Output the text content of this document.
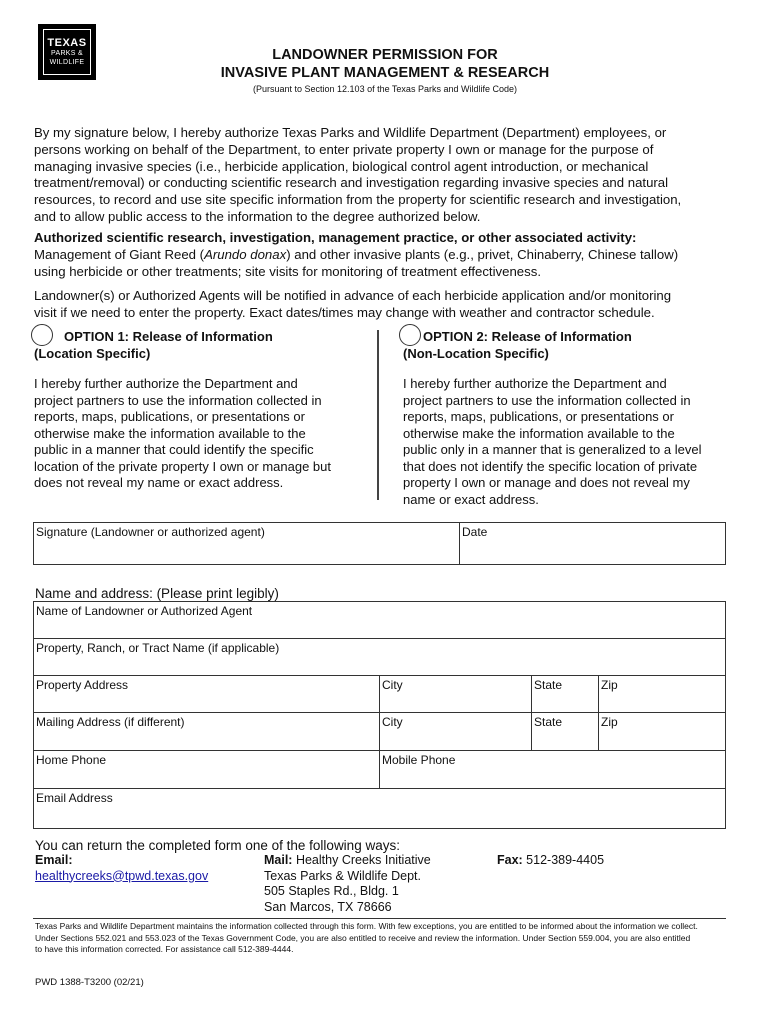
TEXAS
PARKS &
WILDLIFE	LANDOWNER PERMISSION FOR
INVASIVE PLANT MANAGEMENT & RESEARCH
(Pursuant to Section 12.103 of the Texas Parks and Wildlife Code)
By my signature below, I hereby authorize Texas Parks and Wildlife Department (Department) employees, or
persons working on behalf of the Department, to enter private property I own or manage for the purpose of
managing invasive species (i.e., herbicide application, biological control agent introduction, or mechanical
treatment/removal) or conducting scientific research and investigation regarding invasive species and natural
resources, to record and use site specific information from the property for scientific research and investigation,
and to allow public access to the information to the degree authorized below.
Authorized scientific research, investigation, management practice, or other associated activity:
Management of Giant Reed (Arundo donax) and other invasive plants (e.g., privet, Chinaberry, Chinese tallow)
using herbicide or other treatments; site visits for monitoring of treatment effectiveness.
Landowner(s) or Authorized Agents will be notified in advance of each herbicide application and/or monitoring
visit if we need to enter the property. Exact dates/times may change with weather and contractor schedule.
OPTION 1: Release of Information
(Location Specific)
I hereby further authorize the Department and
project partners to use the information collected in
reports, maps, publications, or presentations or
otherwise make the information available to the
public in a manner that could identify the specific
location of the private property I own or manage but
does not reveal my name or exact address.
OPTION 2: Release of Information
(Non-Location Specific)
I hereby further authorize the Department and
project partners to use the information collected in
reports, maps, publications, or presentations or
otherwise make the information available to the
public only in a manner that is generalized to a level
that does not identify the specific location of private
property I own or manage and does not reveal my
name or exact address.
Signature (Landowner or authorized agent)	Date
Name and address: (Please print legibly)
Name of Landowner or Authorized Agent
Property, Ranch, or Tract Name (if applicable)
Property Address	City	State	Zip
Mailing Address (if different)	City	State	Zip
Home Phone	Mobile Phone
Email Address
You can return the completed form one of the following ways:
Email:
healthycreeks@tpwd.texas.gov
Mail: Healthy Creeks Initiative
Texas Parks & Wildlife Dept.
505 Staples Rd., Bldg. 1
San Marcos, TX 78666
Fax: 512-389-4405
Texas Parks and Wildlife Department maintains the information collected through this form. With few exceptions, you are entitled to be informed about the information we collect.
Under Sections 552.021 and 553.023 of the Texas Government Code, you are also entitled to receive and review the information. Under Section 559.004, you are also entitled
to have this information corrected. For assistance call 512-389-4444.
PWD 1388-T3200 (02/21)
